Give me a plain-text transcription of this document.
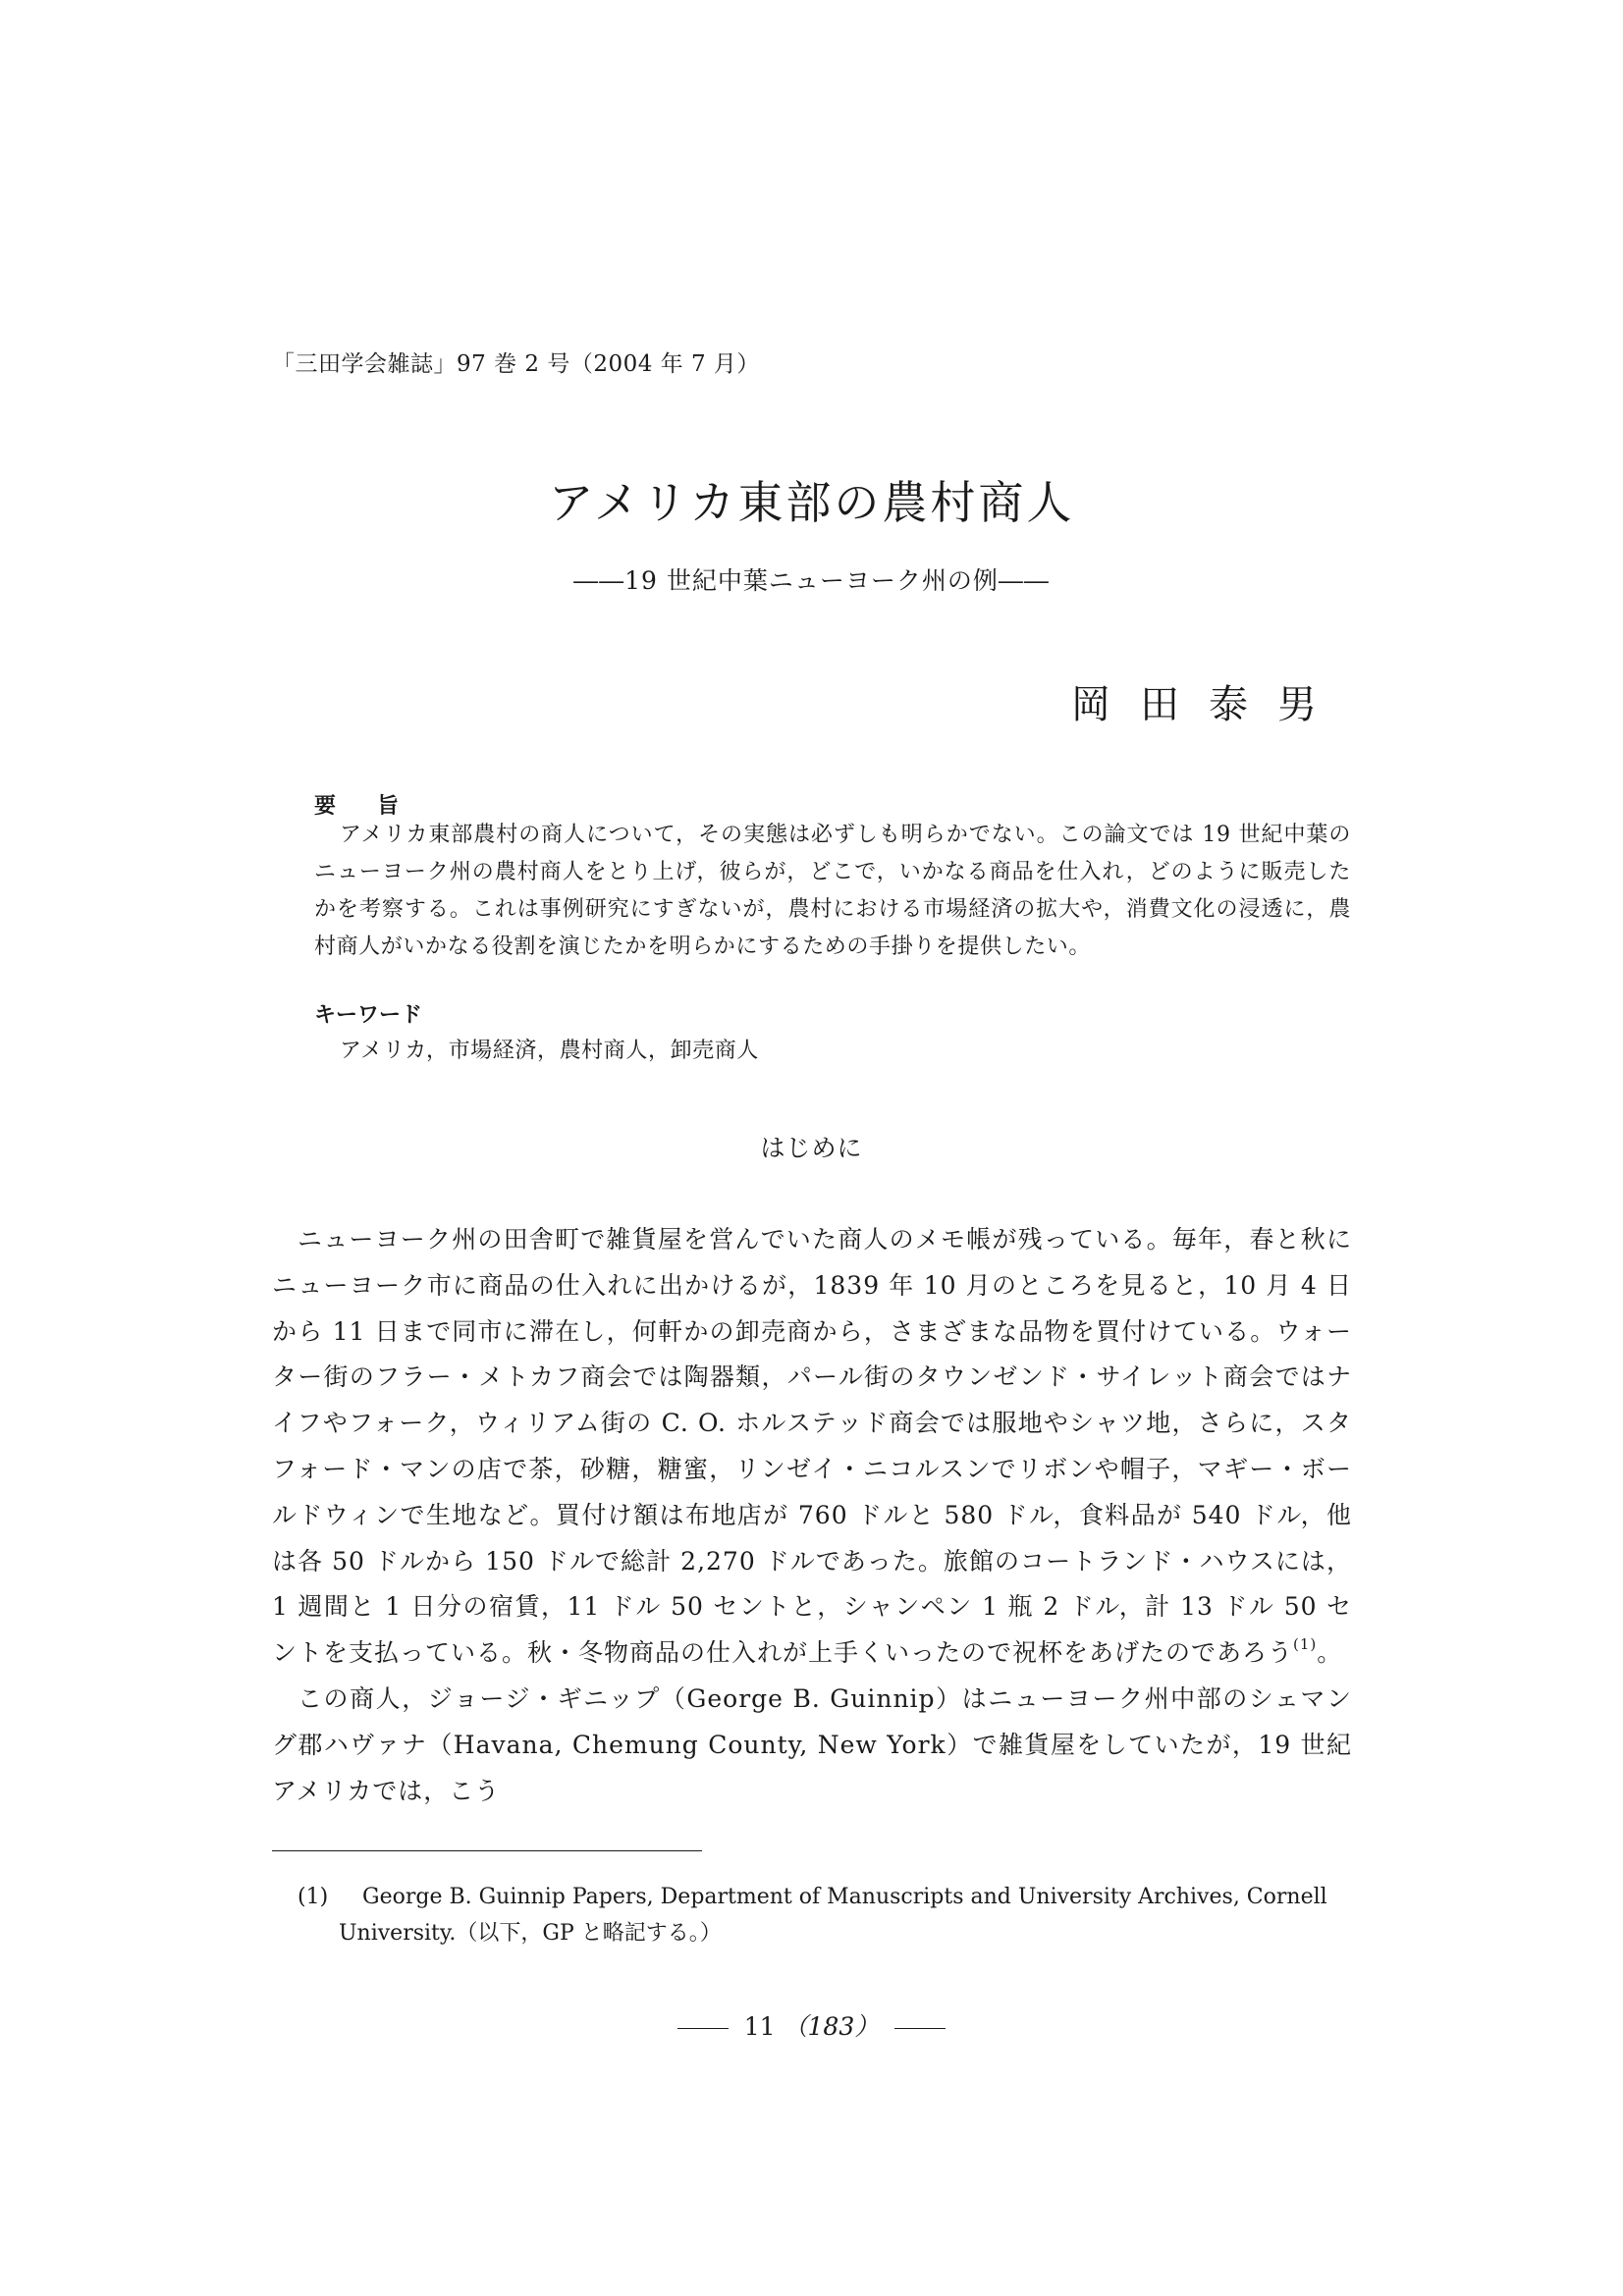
「三田学会雑誌」97 巻 2 号（2004 年 7 月）
アメリカ東部の農村商人
――19 世紀中葉ニューヨーク州の例――
岡田泰男
要旨
アメリカ東部農村の商人について，その実態は必ずしも明らかでない。この論文では 19 世紀中葉のニューヨーク州の農村商人をとり上げ，彼らが，どこで，いかなる商品を仕入れ，どのように販売したかを考察する。これは事例研究にすぎないが，農村における市場経済の拡大や，消費文化の浸透に，農村商人がいかなる役割を演じたかを明らかにするための手掛りを提供したい。
キーワード
アメリカ，市場経済，農村商人，卸売商人
はじめに

ニューヨーク州の田舎町で雑貨屋を営んでいた商人のメモ帳が残っている。毎年，春と秋にニューヨーク市に商品の仕入れに出かけるが，1839 年 10 月のところを見ると，10 月 4 日から 11 日まで同市に滞在し，何軒かの卸売商から，さまざまな品物を買付けている。ウォーター街のフラー・メトカフ商会では陶器類，パール街のタウンゼンド・サイレット商会ではナイフやフォーク，ウィリアム街の C. O. ホルステッド商会では服地やシャツ地，さらに，スタフォード・マンの店で茶，砂糖，糖蜜，リンゼイ・ニコルスンでリボンや帽子，マギー・ボールドウィンで生地など。買付け額は布地店が 760 ドルと 580 ドル，食料品が 540 ドル，他は各 50 ドルから 150 ドルで総計 2,270 ドルであった。旅館のコートランド・ハウスには，1 週間と 1 日分の宿賃，11 ドル 50 セントと，シャンペン 1 瓶 2 ドル，計 13 ドル 50 セントを支払っている。秋・冬物商品の仕入れが上手くいったので祝杯をあげたのであろう$^{(1)}$。

この商人，ジョージ・ギニップ（George B. Guinnip）はニューヨーク州中部のシェマング郡ハヴァナ（Havana, Chemung County, New York）で雑貨屋をしていたが，19 世紀アメリカでは，こう

(1) George B. Guinnip Papers, Department of Manuscripts and University Archives, Cornell
University.（以下，GP と略記する。）
11 （183）
